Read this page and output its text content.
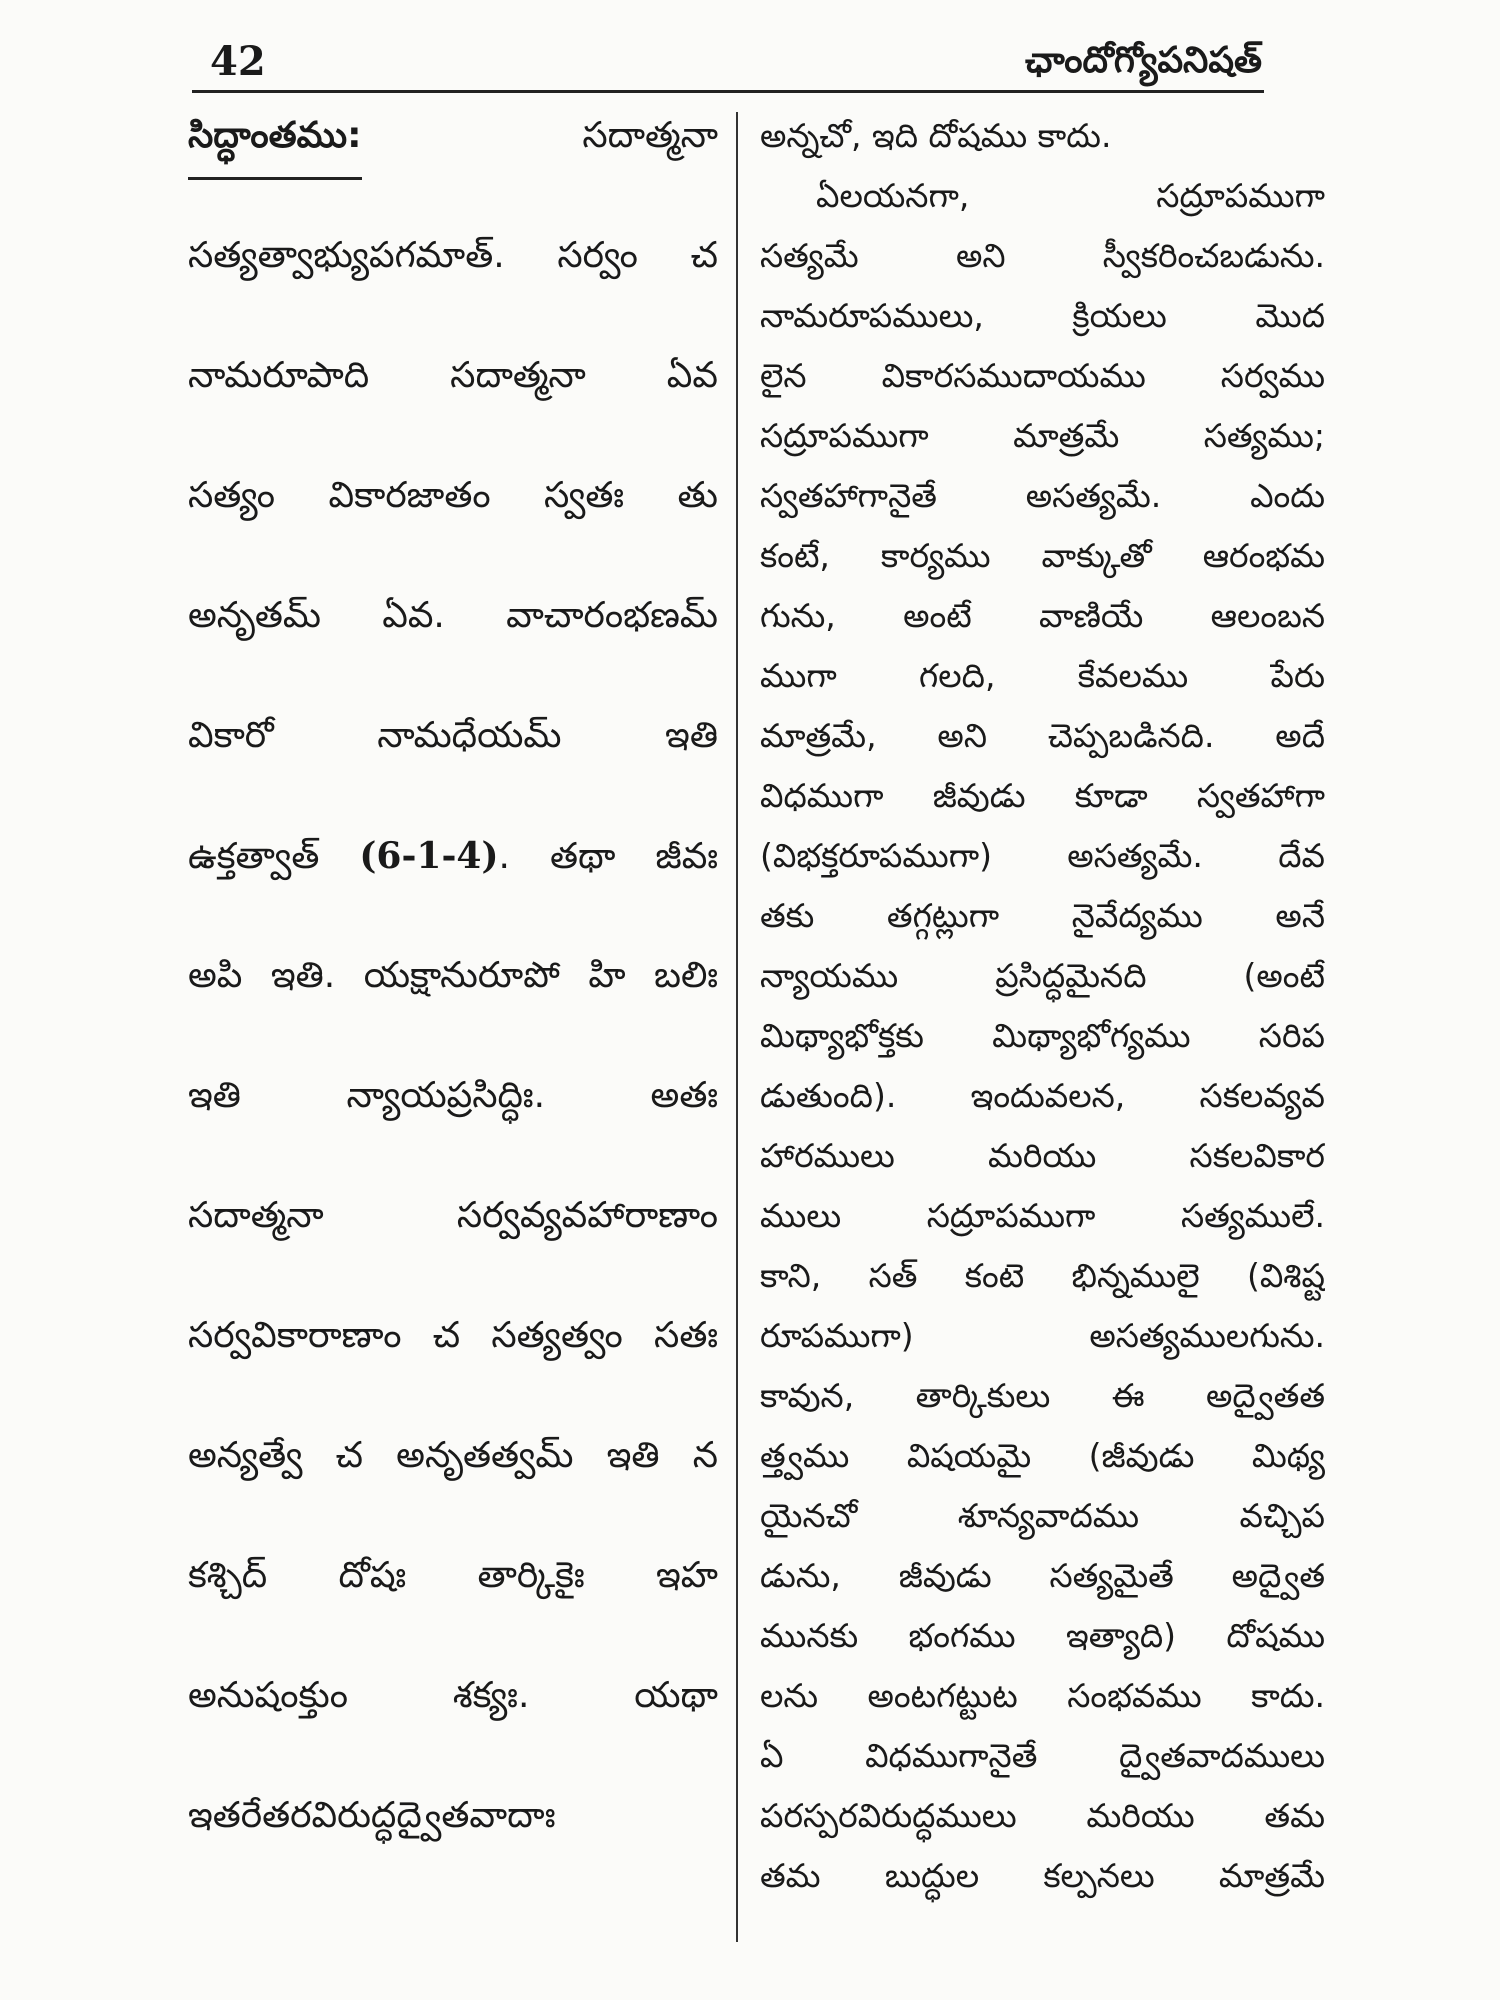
42	ఛాందోగ్యోపనిషత్
సిద్ధాంతము:	సదాత్మనా
సత్యత్వాభ్యుపగమాత్. సర్వం చ
నామరూపాది సదాత్మనా ఏవ
సత్యం వికారజాతం స్వతః తు
అనృతమ్ ఏవ. వాచారంభణమ్
వికారో నామధేయమ్ ఇతి
ఉక్తత్వాత్ (6-1-4). తథా జీవః
అపి ఇతి. యక్షానురూపో హి బలిః
ఇతి న్యాయప్రసిద్ధిః. అతః
సదాత్మనా సర్వవ్యవహారాణాం
సర్వవికారాణాం చ సత్యత్వం సతః
అన్యత్వే చ అనృతత్వమ్ ఇతి న
కశ్చిద్ దోషః తార్కికైః ఇహ
అనుషంక్తుం శక్యః. యథా
ఇతరేతరవిరుద్ధద్వైతవాదాః
అన్నచో, ఇది దోషము కాదు.
ఏలయనగా, సద్రూపముగా
సత్యమే అని స్వీకరించబడును.
నామరూపములు, క్రియలు మొద
లైన వికారసముదాయము సర్వము
సద్రూపముగా మాత్రమే సత్యము;
స్వతహాగానైతే అసత్యమే. ఎందు
కంటే, కార్యము వాక్కుతో ఆరంభమ
గును, అంటే వాణియే ఆలంబన
ముగా గలది, కేవలము పేరు
మాత్రమే, అని చెప్పబడినది. అదే
విధముగా జీవుడు కూడా స్వతహాగా
(విభక్తరూపముగా) అసత్యమే. దేవ
తకు తగ్గట్లుగా నైవేద్యము అనే
న్యాయము ప్రసిద్ధమైనది (అంటే
మిథ్యాభోక్తకు మిథ్యాభోగ్యము సరిప
డుతుంది). ఇందువలన, సకలవ్యవ
హారములు మరియు సకలవికార
ములు సద్రూపముగా సత్యములే.
కాని, సత్ కంటె భిన్నములై (విశిష్ట
రూపముగా) అసత్యములగును.
కావున, తార్కికులు ఈ అద్వైతత
త్త్వము విషయమై (జీవుడు మిథ్య
యైనచో శూన్యవాదము వచ్చిప
డును, జీవుడు సత్యమైతే అద్వైత
మునకు భంగము ఇత్యాది) దోషము
లను అంటగట్టుట సంభవము కాదు.
ఏ విధముగానైతే ద్వైతవాదములు
పరస్పరవిరుద్ధములు మరియు తమ
తమ బుద్ధుల కల్పనలు మాత్రమే
